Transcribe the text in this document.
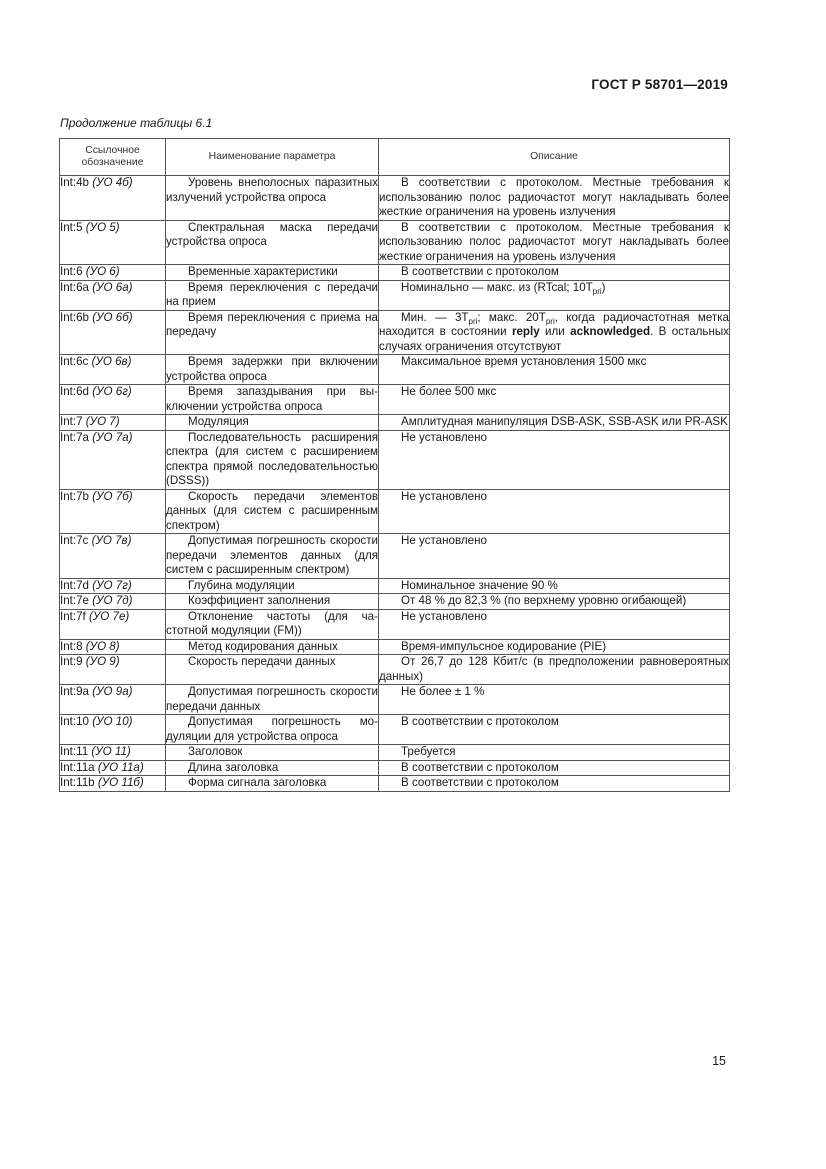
ГОСТ Р 58701—2019
Продолжение таблицы 6.1
Ссылочное обозначение	Наименование параметра	Описание
Int:4b (УО 4б)	Уровень внеполосных паразитных излучений устройства опроса	В соответствии с протоколом. Местные требования к использованию полос радиочастот могут накладывать более жесткие ограничения на уровень излучения
Int:5 (УО 5)	Спектральная маска передачи устройства опроса	В соответствии с протоколом. Местные требования к использованию полос радиочастот могут накладывать более жесткие ограничения на уровень излучения
Int:6 (УО 6)	Временные характеристики	В соответствии с протоколом
Int:6a (УО 6а)	Время переключения с передачи на прием	Номинально — макс. из (RTcal; $10T_{pri}$)
Int:6b (УО 6б)	Время переключения с приема на передачу	Мин. — $3T_{pri}$; макс. $20T_{pri}$, когда радиочастотная метка находится в состоянии reply или acknowledged. В остальных случаях ограничения отсутствуют
Int:6c (УО 6в)	Время задержки при включении устройства опроса	Максимальное время установления 1500 мкс
Int:6d (УО 6г)	Время запаздывания при выключении устройства опроса	Не более 500 мкс
Int:7 (УО 7)	Модуляция	Амплитудная манипуляция DSB-ASK, SSB-ASK или PR-ASK
Int:7a (УО 7а)	Последовательность расширения спектра (для систем с расширением спектра прямой последовательностью (DSSS))	Не установлено
Int:7b (УО 7б)	Скорость передачи элементов данных (для систем с расширенным спектром)	Не установлено
Int:7c (УО 7в)	Допустимая погрешность скорости передачи элементов данных (для систем с расширенным спектром)	Не установлено
Int:7d (УО 7г)	Глубина модуляции	Номинальное значение 90 %
Int:7e (УО 7д)	Коэффициент заполнения	От 48 % до 82,3 % (по верхнему уровню огибающей)
Int:7f (УО 7е)	Отклонение частоты (для частотной модуляции (FM))	Не установлено
Int:8 (УО 8)	Метод кодирования данных	Время-импульсное кодирование (PIE)
Int:9 (УО 9)	Скорость передачи данных	От 26,7 до 128 Кбит/с (в предположении равновероятных данных)
Int:9a (УО 9а)	Допустимая погрешность скорости передачи данных	Не более ± 1 %
Int:10 (УО 10)	Допустимая погрешность модуляции для устройства опроса	В соответствии с протоколом
Int:11 (УО 11)	Заголовок	Требуется
Int:11a (УО 11а)	Длина заголовка	В соответствии с протоколом
Int:11b (УО 11б)	Форма сигнала заголовка	В соответствии с протоколом
15
